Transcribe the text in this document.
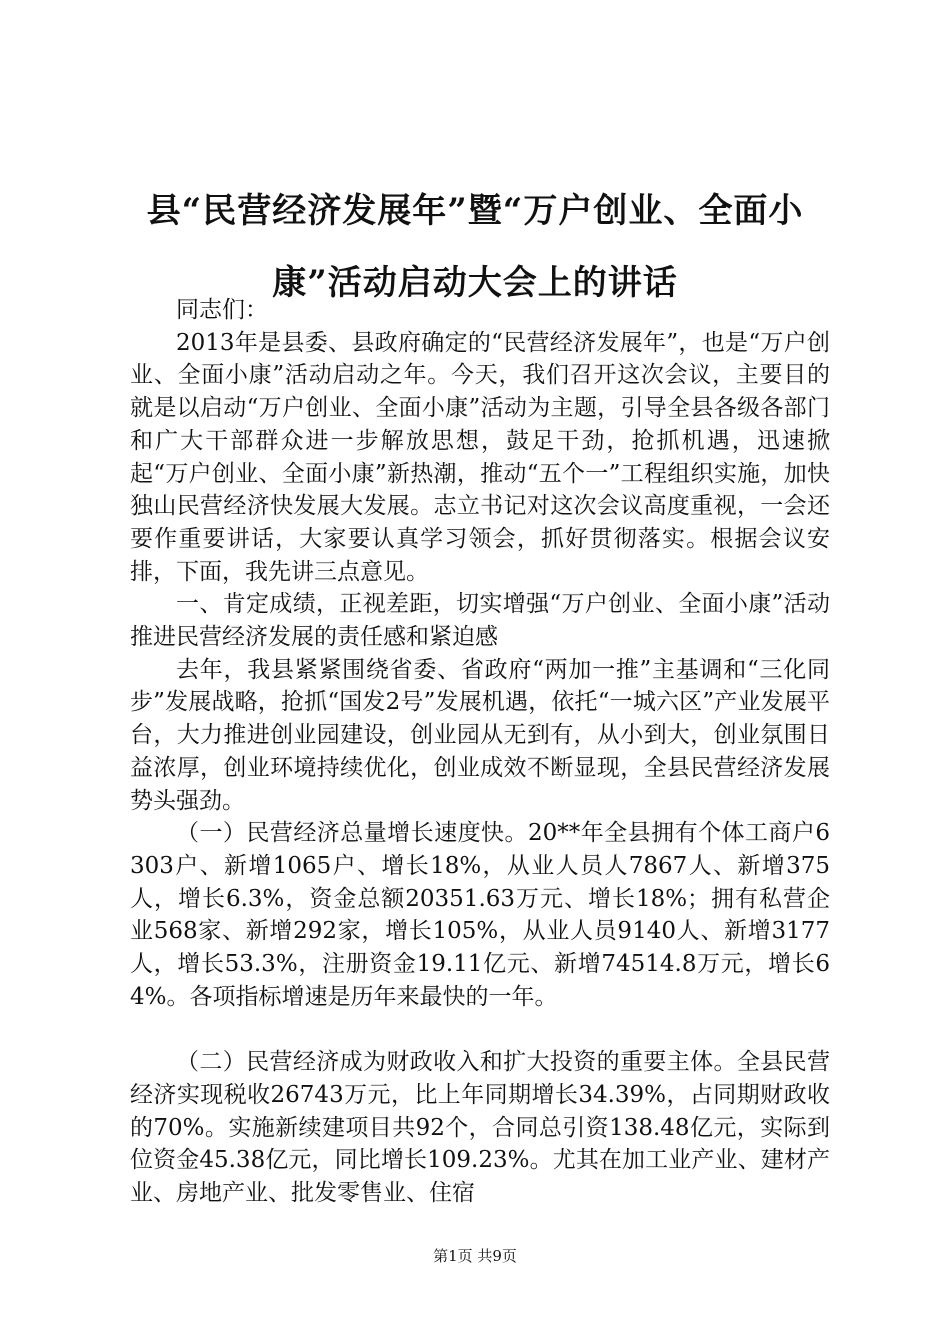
县“民营经济发展年”暨“万户创业、全面小康”活动启动大会上的讲话

同志们：

2013年是县委、县政府确定的“民营经济发展年”，也是“万户创业、全面小康”活动启动之年。今天，我们召开这次会议，主要目的就是以启动“万户创业、全面小康”活动为主题，引导全县各级各部门和广大干部群众进一步解放思想，鼓足干劲，抢抓机遇，迅速掀起“万户创业、全面小康”新热潮，推动“五个一”工程组织实施，加快独山民营经济快发展大发展。志立书记对这次会议高度重视，一会还要作重要讲话，大家要认真学习领会，抓好贯彻落实。根据会议安排，下面，我先讲三点意见。

一、肯定成绩，正视差距，切实增强“万户创业、全面小康”活动推进民营经济发展的责任感和紧迫感

去年，我县紧紧围绕省委、省政府“两加一推”主基调和“三化同步”发展战略，抢抓“国发2号”发展机遇，依托“一城六区”产业发展平台，大力推进创业园建设，创业园从无到有，从小到大，创业氛围日益浓厚，创业环境持续优化，创业成效不断显现，全县民营经济发展势头强劲。

（一）民营经济总量增长速度快。20**年全县拥有个体工商户6303户、新增1065户、增长18%，从业人员人7867人、新增375人，增长6.3%，资金总额20351.63万元、增长18%；拥有私营企业568家、新增292家，增长105%，从业人员9140人、新增3177人，增长53.3%，注册资金19.11亿元、新增74514.8万元，增长64%。各项指标增速是历年来最快的一年。

（二）民营经济成为财政收入和扩大投资的重要主体。全县民营经济实现税收26743万元，比上年同期增长34.39%，占同期财政收的70%。实施新续建项目共92个，合同总引资138.48亿元，实际到位资金45.38亿元，同比增长109.23%。尤其在加工业产业、建材产业、房地产业、批发零售业、住宿

第1页 共9页
